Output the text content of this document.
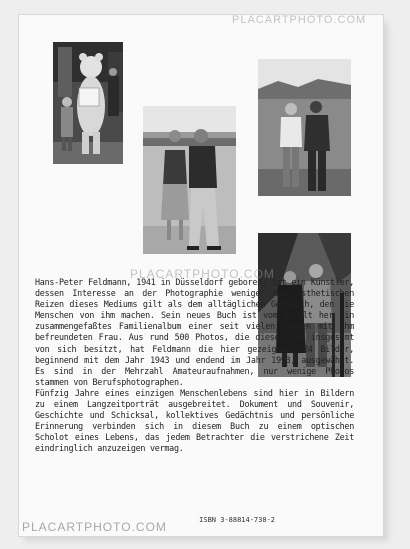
Hans-Peter Feldmann, 1941 in Düsseldorf geboren, ist ein Künstler, dessen Interesse an der Photographie weniger den ästhetischen Reizen dieses Mediums gilt als dem alltäglichen Gebrauch, den die Menschen von ihm machen. Sein neues Buch ist vom Inhalt her ein zusammengefaßtes Familienalbum einer seit vielen Jahren mit ihm befreundeten Frau. Aus rund 500 Photos, die diese Frau insgesamt von sich besitzt, hat Feldmann die hier gezeigten 324 Bilder, beginnend mit dem Jahr 1943 und endend im Jahr 1993, ausgewählt. Es sind in der Mehrzahl Amateuraufnahmen, nur wenige Photos stammen von Berufsphotographen.

Fünfzig Jahre eines einzigen Menschenlebens sind hier in Bildern zu einem Langzeitporträt ausgebreitet. Dokument und Souvenir, Geschichte und Schicksal, kollektives Gedächtnis und persönliche Erinnerung verbinden sich in diesem Buch zu einem optischen Scholot eines Lebens, das jedem Betrachter die verstrichene Zeit eindringlich anzuzeigen vermag.

ISBN 3-88814-738-2
PLACARTPHOTO.COM
PLACARTPHOTO.COM
PLACARTPHOTO.COM
